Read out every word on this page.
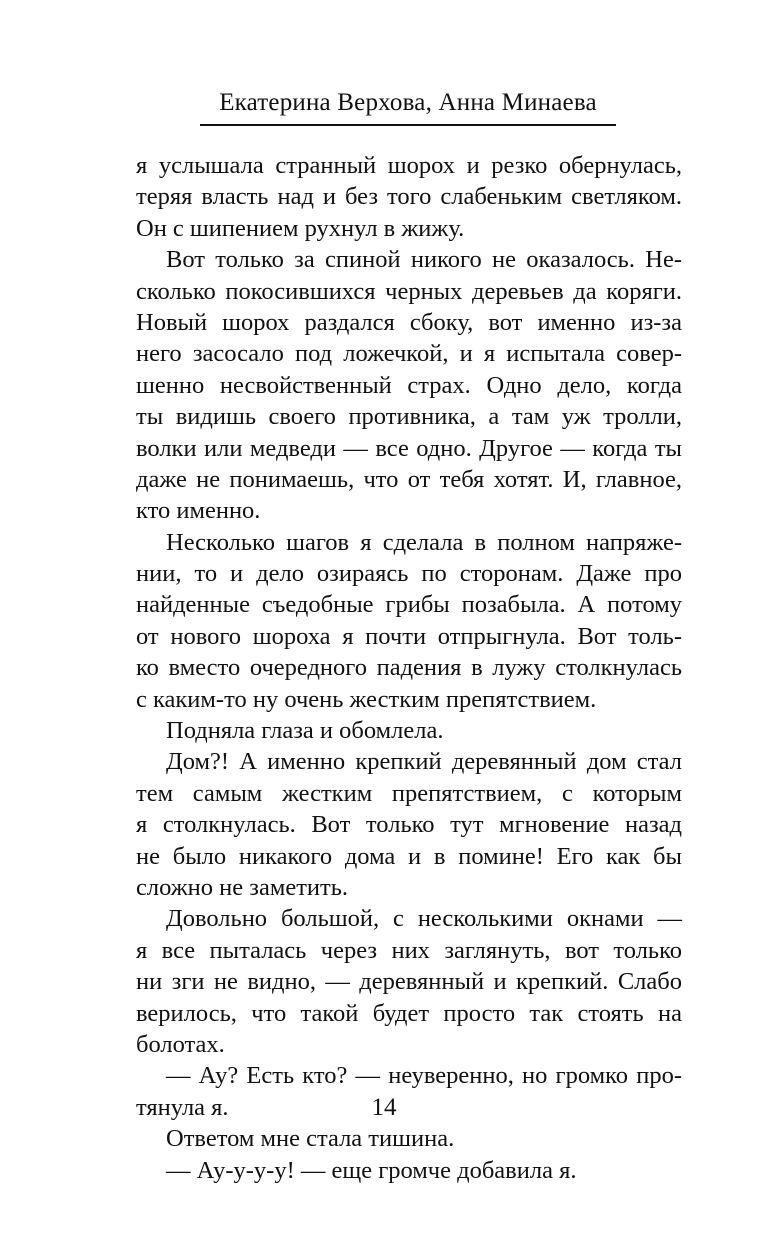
Екатерина Верхова, Анна Минаева
я услышала странный шорох и резко обернулась,
теряя власть над и без того слабеньким светляком.
Он с шипением рухнул в жижу.
Вот только за спиной никого не оказалось. Не-
сколько покосившихся черных деревьев да коряги.
Новый шорох раздался сбоку, вот именно из-за
него засосало под ложечкой, и я испытала совер-
шенно несвойственный страх. Одно дело, когда
ты видишь своего противника, а там уж тролли,
волки или медведи — все одно. Другое — когда ты
даже не понимаешь, что от тебя хотят. И, главное,
кто именно.
Несколько шагов я сделала в полном напряже-
нии, то и дело озираясь по сторонам. Даже про
найденные съедобные грибы позабыла. А потому
от нового шороха я почти отпрыгнула. Вот толь-
ко вместо очередного падения в лужу столкнулась
с каким-то ну очень жестким препятствием.
Подняла глаза и обомлела.
Дом?! А именно крепкий деревянный дом стал
тем самым жестким препятствием, с которым
я столкнулась. Вот только тут мгновение назад
не было никакого дома и в помине! Его как бы
сложно не заметить.
Довольно большой, с несколькими окнами —
я все пыталась через них заглянуть, вот только
ни зги не видно, — деревянный и крепкий. Слабо
верилось, что такой будет просто так стоять на
болотах.
— Ау? Есть кто? — неуверенно, но громко про-
тянула я.
Ответом мне стала тишина.
— Ау-у-у-у! — еще громче добавила я.
14
